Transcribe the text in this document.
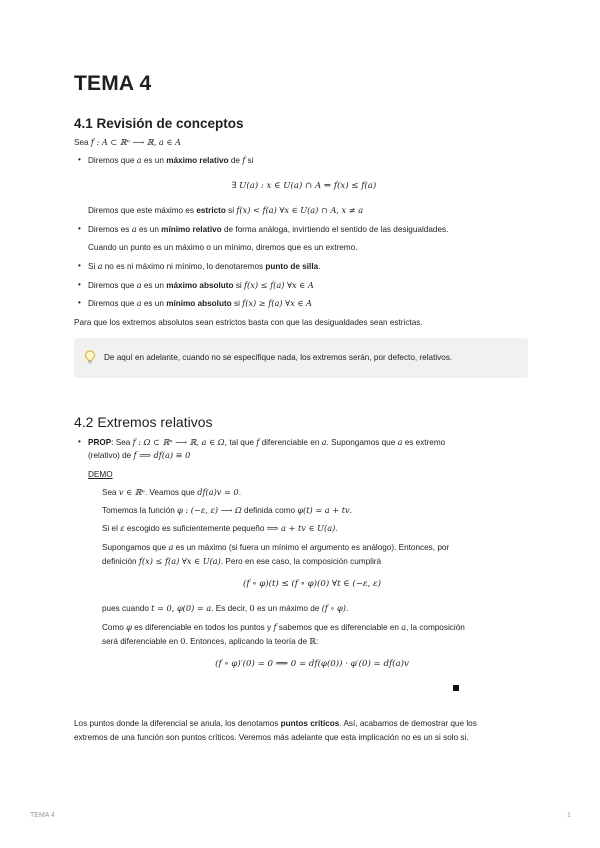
TEMA 4
4.1 Revisión de conceptos
Sea f : A ⊂ ℝⁿ ⟶ ℝ, a ∈ A
• Diremos que a es un máximo relativo de f si
∃ U(a) : x ∈ U(a) ∩ A ⇒ f(x) ≤ f(a)
Diremos que este máximo es estricto si f(x) < f(a) ∀x ∈ U(a) ∩ A, x ≠ a
• Diremos es a es un mínimo relativo de forma análoga, invirtiendo el sentido de las desigualdades.
Cuando un punto es un máximo o un mínimo, diremos que es un extremo.
• Si a no es ni máximo ni mínimo, lo denotaremos punto de silla.
• Diremos que a es un máximo absoluto si f(x) ≤ f(a) ∀x ∈ A
• Diremos que a es un mínimo absoluto si f(x) ≥ f(a) ∀x ∈ A
Para que los extremos absolutos sean estrictos basta con que las desigualdades sean estrictas.
De aquí en adelante, cuando no se especifique nada, los extremos serán, por defecto, relativos.
4.2 Extremos relativos
• PROP: Sea f : Ω ⊂ ℝⁿ ⟶ ℝ, a ∈ Ω, tal que f diferenciable en a. Supongamos que a es extremo
(relativo) de f ⟹ df(a) ≡ 0
DEMO
Sea v ∈ ℝⁿ. Veamos que df(a)v = 0.
Tomemos la función φ : (−ε, ε) ⟶ Ω definida como φ(t) = a + tv.
Si el ε escogido es suficientemente pequeño ⟹ a + tv ∈ U(a).
Supongamos que a es un máximo (si fuera un mínimo el argumento es análogo). Entonces, por
definición f(x) ≤ f(a) ∀x ∈ U(a). Pero en ese caso, la composición cumplirá
(f ∘ φ)(t) ≤ (f ∘ φ)(0) ∀t ∈ (−ε, ε)
pues cuando t = 0, φ(0) = a. Es decir, 0 es un máximo de (f ∘ φ).
Como φ es diferenciable en todos los puntos y f sabemos que es diferenciable en a, la composición
será diferenciable en 0. Entonces, aplicando la teoría de ℝ:
(f ∘ φ)′(0) = 0 ⟹ 0 = df(φ(0)) · φ′(0) = df(a)v
Los puntos donde la diferencial se anula, los denotamos puntos críticos. Así, acabamos de demostrar que los
extremos de una función son puntos críticos. Veremos más adelante que esta implicación no es un si solo si.
TEMA 4	1
